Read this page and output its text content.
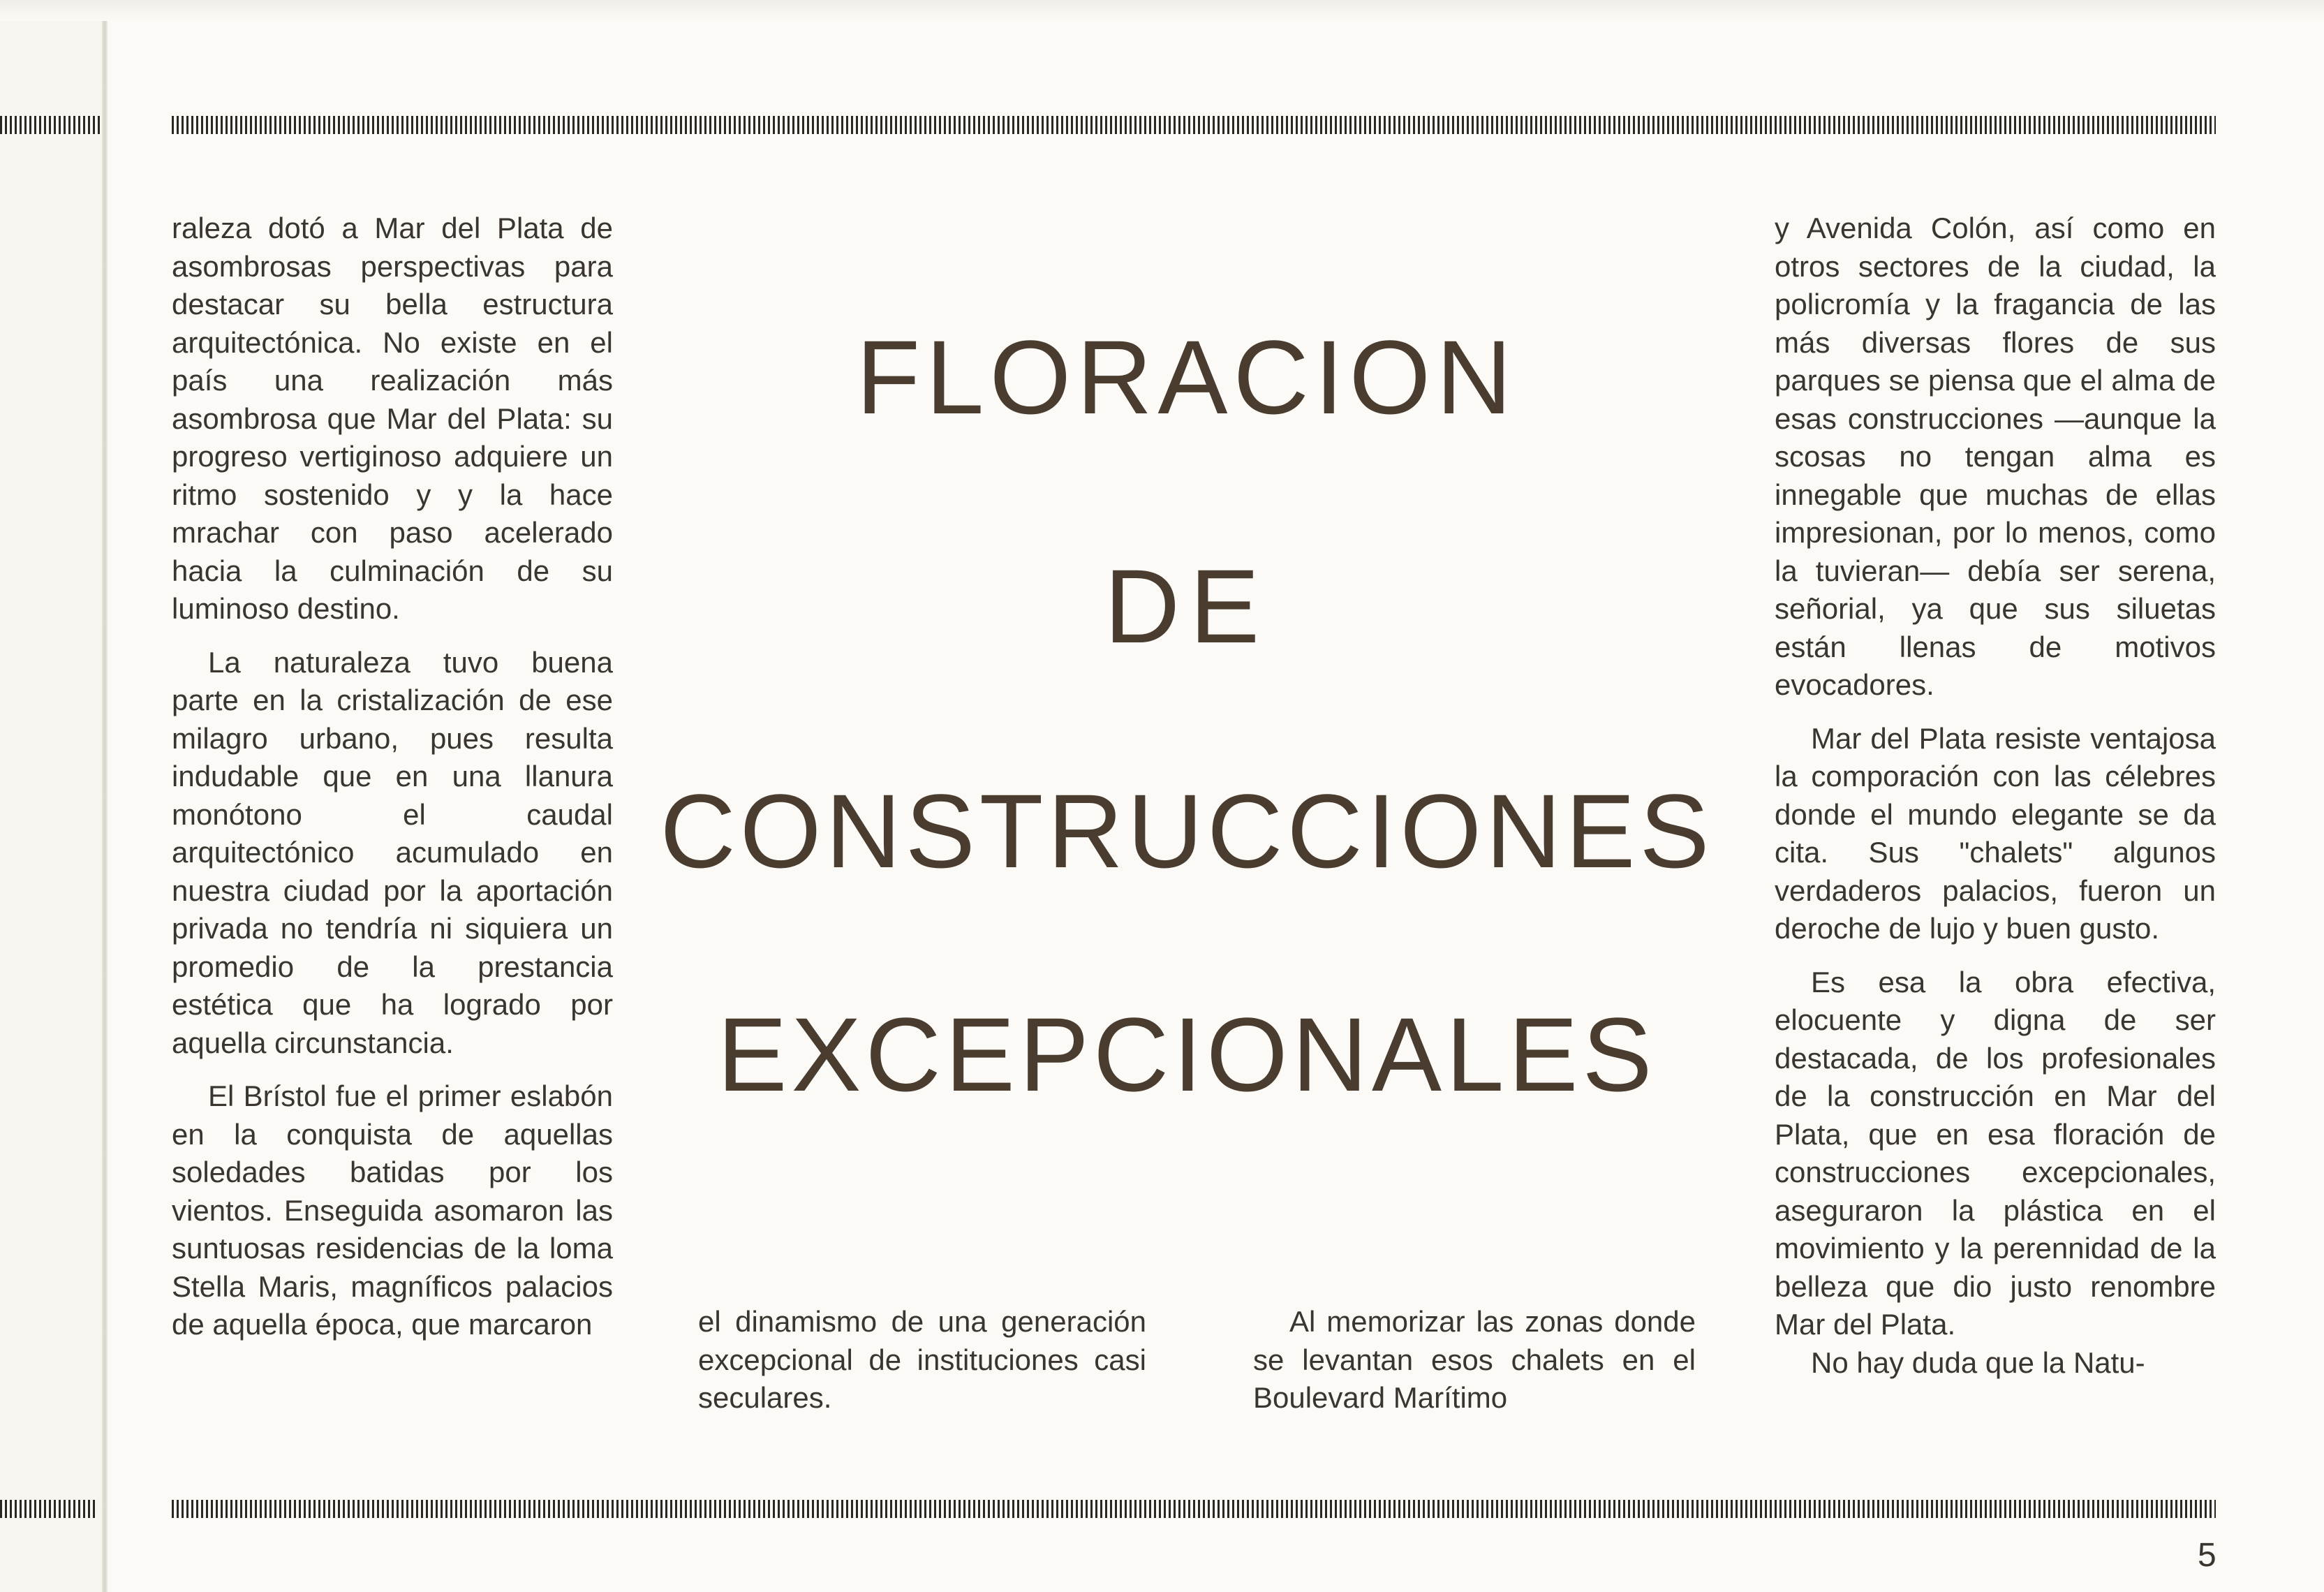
raleza dotó a Mar del Plata de asombrosas perspectivas para destacar su bella estructura arquitectónica. No existe en el país una realización más asombrosa que Mar del Plata: su progreso vertiginoso adquiere un ritmo sostenido y y la hace mrachar con paso acelerado hacia la culminación de su luminoso destino.

La naturaleza tuvo buena parte en la cristalización de ese milagro urbano, pues resulta indudable que en una llanura monótono el caudal arquitectónico acumulado en nuestra ciudad por la aportación privada no tendría ni siquiera un promedio de la prestancia estética que ha logrado por aquella circunstancia.

El Brístol fue el primer eslabón en la conquista de aquellas soledades batidas por los vientos. Enseguida asomaron las suntuosas residencias de la loma Stella Maris, magníficos palacios de aquella época, que marcaron

FLORACION
DE
CONSTRUCCIONES
EXCEPCIONALES

el dinamismo de una generación excepcional de instituciones casi seculares.

Al memorizar las zonas donde se levantan esos chalets en el Boulevard Marítimo

y Avenida Colón, así como en otros sectores de la ciudad, la policromía y la fragancia de las más diversas flores de sus parques se piensa que el alma de esas construcciones —aunque la scosas no tengan alma es innegable que muchas de ellas impresionan, por lo menos, como la tuvieran— debía ser serena, señorial, ya que sus siluetas están llenas de motivos evocadores.

Mar del Plata resiste ventajosa la comporación con las célebres donde el mundo elegante se da cita. Sus "chalets" algunos verdaderos palacios, fueron un deroche de lujo y buen gusto.

Es esa la obra efectiva, elocuente y digna de ser destacada, de los profesionales de la construcción en Mar del Plata, que en esa floración de construcciones excepcionales, aseguraron la plástica en el movimiento y la perennidad de la belleza que dio justo renombre Mar del Plata.

No hay duda que la Natu-

5
